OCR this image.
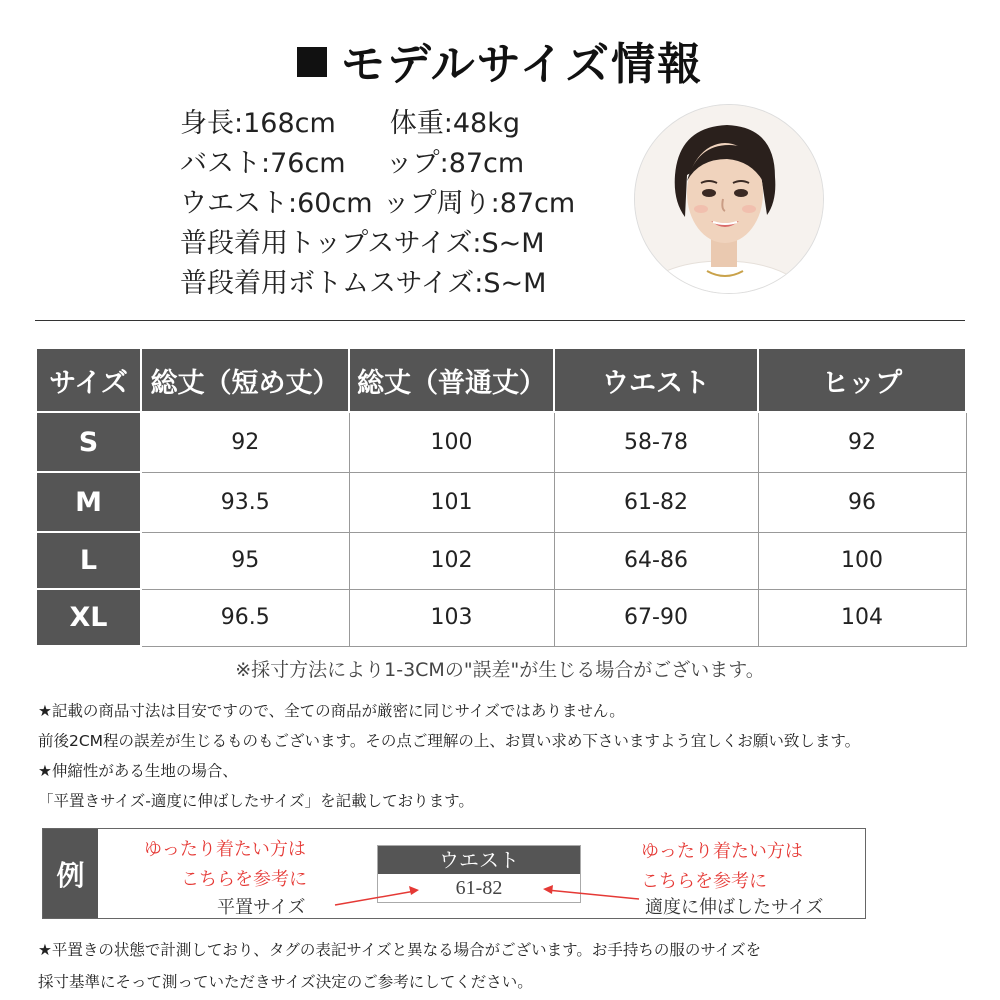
モデルサイズ情報
身長:168cm 体重:48kg
バスト:76cm ップ:87cm
ウエスト:60cm ップ周り:87cm
普段着用トップスサイズ:S~M
普段着用ボトムスサイズ:S~M
サイズ	総丈（短め丈）	総丈（普通丈）	ウエスト	ヒップ
S	92	100	58-78	92
M	93.5	101	61-82	96
L	95	102	64-86	100
XL	96.5	103	67-90	104
※採寸方法により1-3CMの"誤差"が生じる場合がございます。

★記載の商品寸法は目安ですので、全ての商品が厳密に同じサイズではありません。

前後2CM程の誤差が生じるものもございます。その点ご理解の上、お買い求め下さいますよう宜しくお願い致します。

★伸縮性がある生地の場合、

「平置きサイズ-適度に伸ばしたサイズ」を記載しております。

例
ゆったり着たい方は
こちらを参考に
平置サイズ
ウエスト
61-82
ゆったり着たい方は
こちらを参考に
適度に伸ばしたサイズ

★平置きの状態で計測しており、タグの表記サイズと異なる場合がございます。お手持ちの服のサイズを

採寸基準にそって測っていただきサイズ決定のご参考にしてください。
